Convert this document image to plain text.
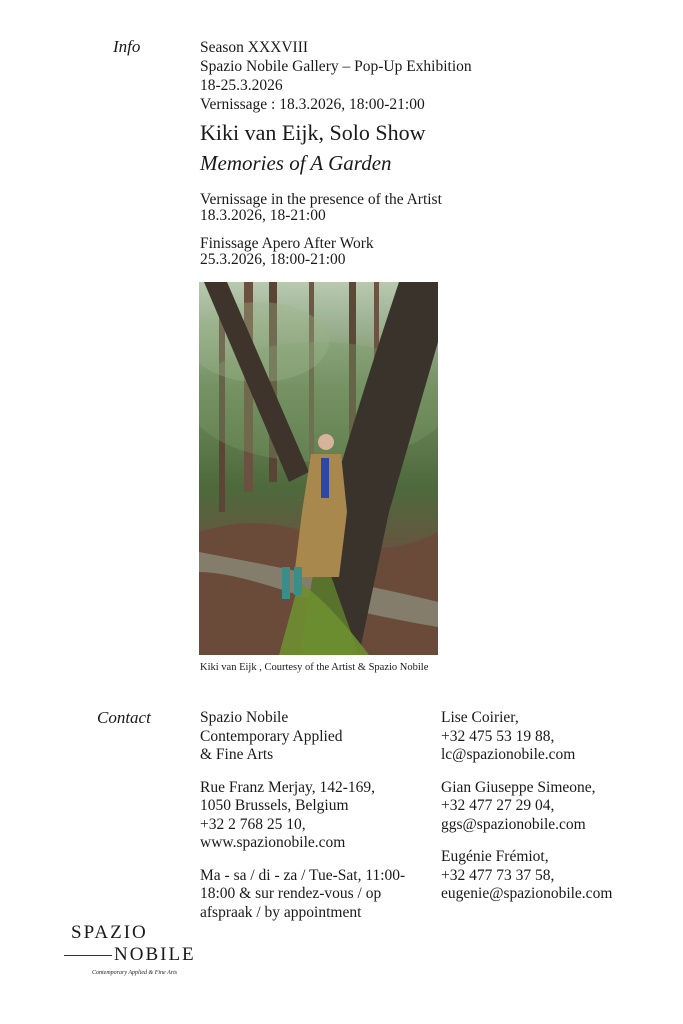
Info	Season XXXVIII
Spazio Nobile Gallery – Pop-Up Exhibition
18-25.3.2026
Vernissage : 18.3.2026, 18:00-21:00
Kiki van Eijk, Solo Show
Memories of A Garden
Vernissage in the presence of the Artist
18.3.2026, 18-21:00
Finissage Apero After Work
25.3.2026, 18:00-21:00
Kiki van Eijk , Courtesy of the Artist & Spazio Nobile
Contact	Spazio Nobile
Contemporary Applied
& Fine Arts
Rue Franz Merjay, 142-169,
1050 Brussels, Belgium
+32 2 768 25 10,
www.spazionobile.com
Ma - sa / di - za / Tue-Sat, 11:00-
18:00 & sur rendez-vous / op
afspraak / by appointment
Lise Coirier,
+32 475 53 19 88,
lc@spazionobile.com
Gian Giuseppe Simeone,
+32 477 27 29 04,
ggs@spazionobile.com
Eugénie Frémiot,
+32 477 73 37 58,
eugenie@spazionobile.com
SPAZIO
NOBILE
Contemporary Applied & Fine Arts
